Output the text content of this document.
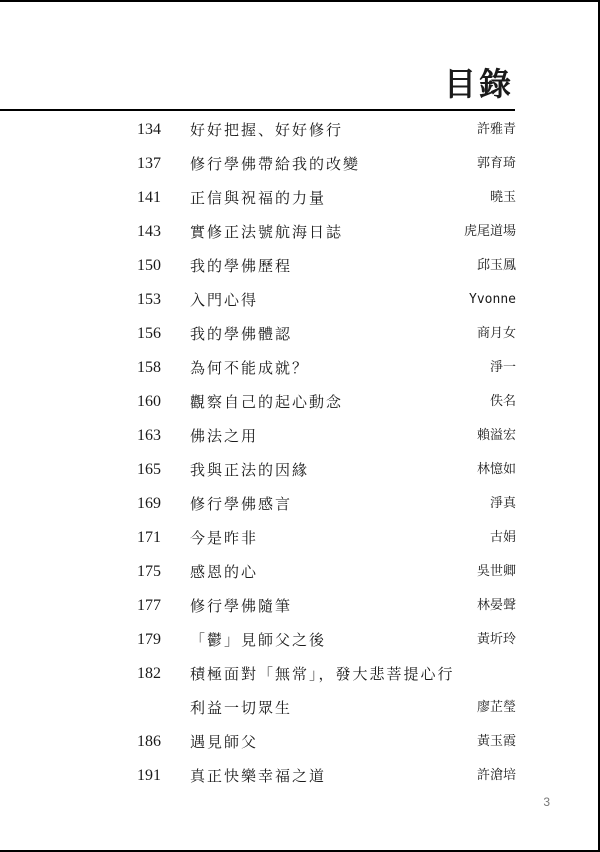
目錄
134	好好把握、好好修行	許雅青
137	修行學佛帶給我的改變	郭育琦
141	正信與祝福的力量	曉玉
143	實修正法號航海日誌	虎尾道場
150	我的學佛歷程	邱玉鳳
153	入門心得	Yvonne
156	我的學佛體認	商月女
158	為何不能成就？	淨一
160	觀察自己的起心動念	佚名
163	佛法之用	賴溢宏
165	我與正法的因緣	林憶如
169	修行學佛感言	淨真
171	今是昨非	古娟
175	感恩的心	吳世卿
177	修行學佛隨筆	林晏聲
179	「鬱」見師父之後	黃圻玲
182	積極面對「無常」，發大悲菩提心行
利益一切眾生	廖芷瑩
186	遇見師父	黃玉霞
191	真正快樂幸福之道	許滄培
3
